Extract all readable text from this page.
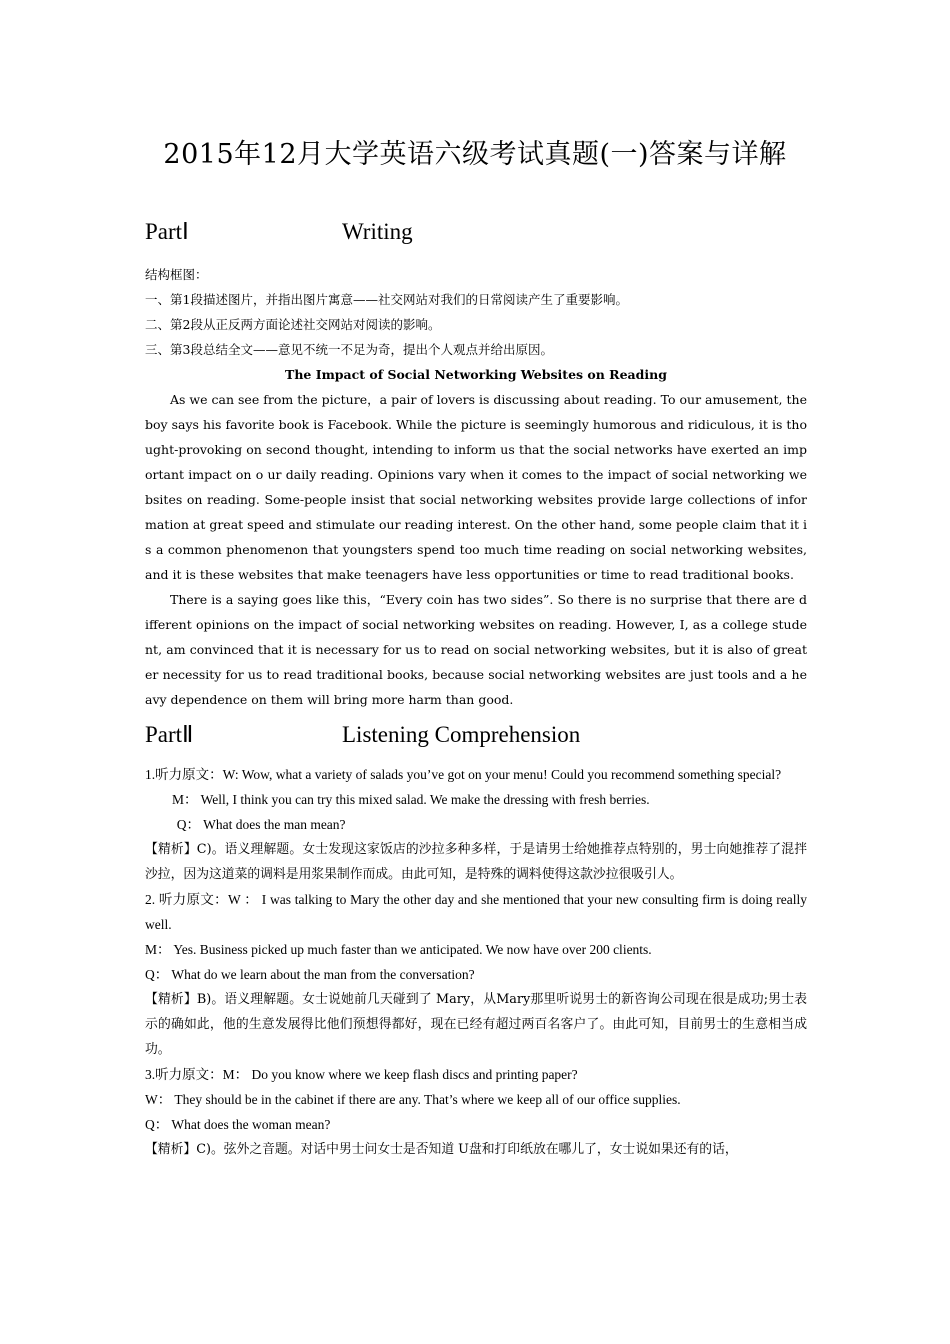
2015年12月大学英语六级考试真题(一)答案与详解
PartⅠ	Writing

结构框图：

一、第1段描述图片，并指出图片寓意——社交网站对我们的日常阅读产生了重要影响。

二、第2段从正反两方面论述社交网站对阅读的影响。

三、第3段总结全文——意见不统一不足为奇，提出个人观点并给出原因。

The Impact of Social Networking Websites on Reading

As we can see from the picture，a pair of lovers is discussing about reading. To our amusement, the boy says his favorite book is Facebook. While the picture is seemingly humorous and ridiculous, it is thought-provoking on second thought, intending to inform us that the social networks have exerted an important impact on o ur daily reading. Opinions vary when it comes to the impact of social networking websites on reading. Some-people insist that social networking websites provide large collections of information at great speed and stimulate our reading interest. On the other hand, some people claim that it is a common phenomenon that youngsters spend too much time reading on social networking websites, and it is these websites that make teenagers have less opportunities or time to read traditional books.

There is a saying goes like this，“Every coin has two sides”. So there is no surprise that there are different opinions on the impact of social networking websites on reading. However, I, as a college student, am convinced that it is necessary for us to read on social networking websites, but it is also of greater necessity for us to read traditional books, because social networking websites are just tools and a heavy dependence on them will bring more harm than good.

PartⅡ	Listening Comprehension

1.听力原文：W: Wow, what a variety of salads you’ve got on your menu! Could you recommend something special?

M： Well, I think you can try this mixed salad. We make the dressing with fresh berries.

Q： What does the man mean?

【精析】C)。语义理解题。女士发现这家饭店的沙拉多种多样，于是请男士给她推荐点特别的，男士向她推荐了混拌沙拉，因为这道菜的调料是用浆果制作而成。由此可知，是特殊的调料使得这款沙拉很吸引人。

2. 听力原文：W ： I was talking to Mary the other day and she mentioned that your new consulting firm is doing really well.

M： Yes. Business picked up much faster than we anticipated. We now have over 200 clients.

Q： What do we learn about the man from the conversation?

【精析】B)。语义理解题。女士说她前几天碰到了 Mary，从Mary那里听说男士的新咨询公司现在很是成功;男士表示的确如此，他的生意发展得比他们预想得都好，现在已经有超过两百名客户了。由此可知，目前男士的生意相当成功。

3.听力原文：M： Do you know where we keep flash discs and printing paper?

W： They should be in the cabinet if there are any. That’s where we keep all of our office supplies.

Q： What does the woman mean?

【精析】C)。弦外之音题。对话中男士问女士是否知道 U盘和打印纸放在哪儿了，女士说如果还有的话，
